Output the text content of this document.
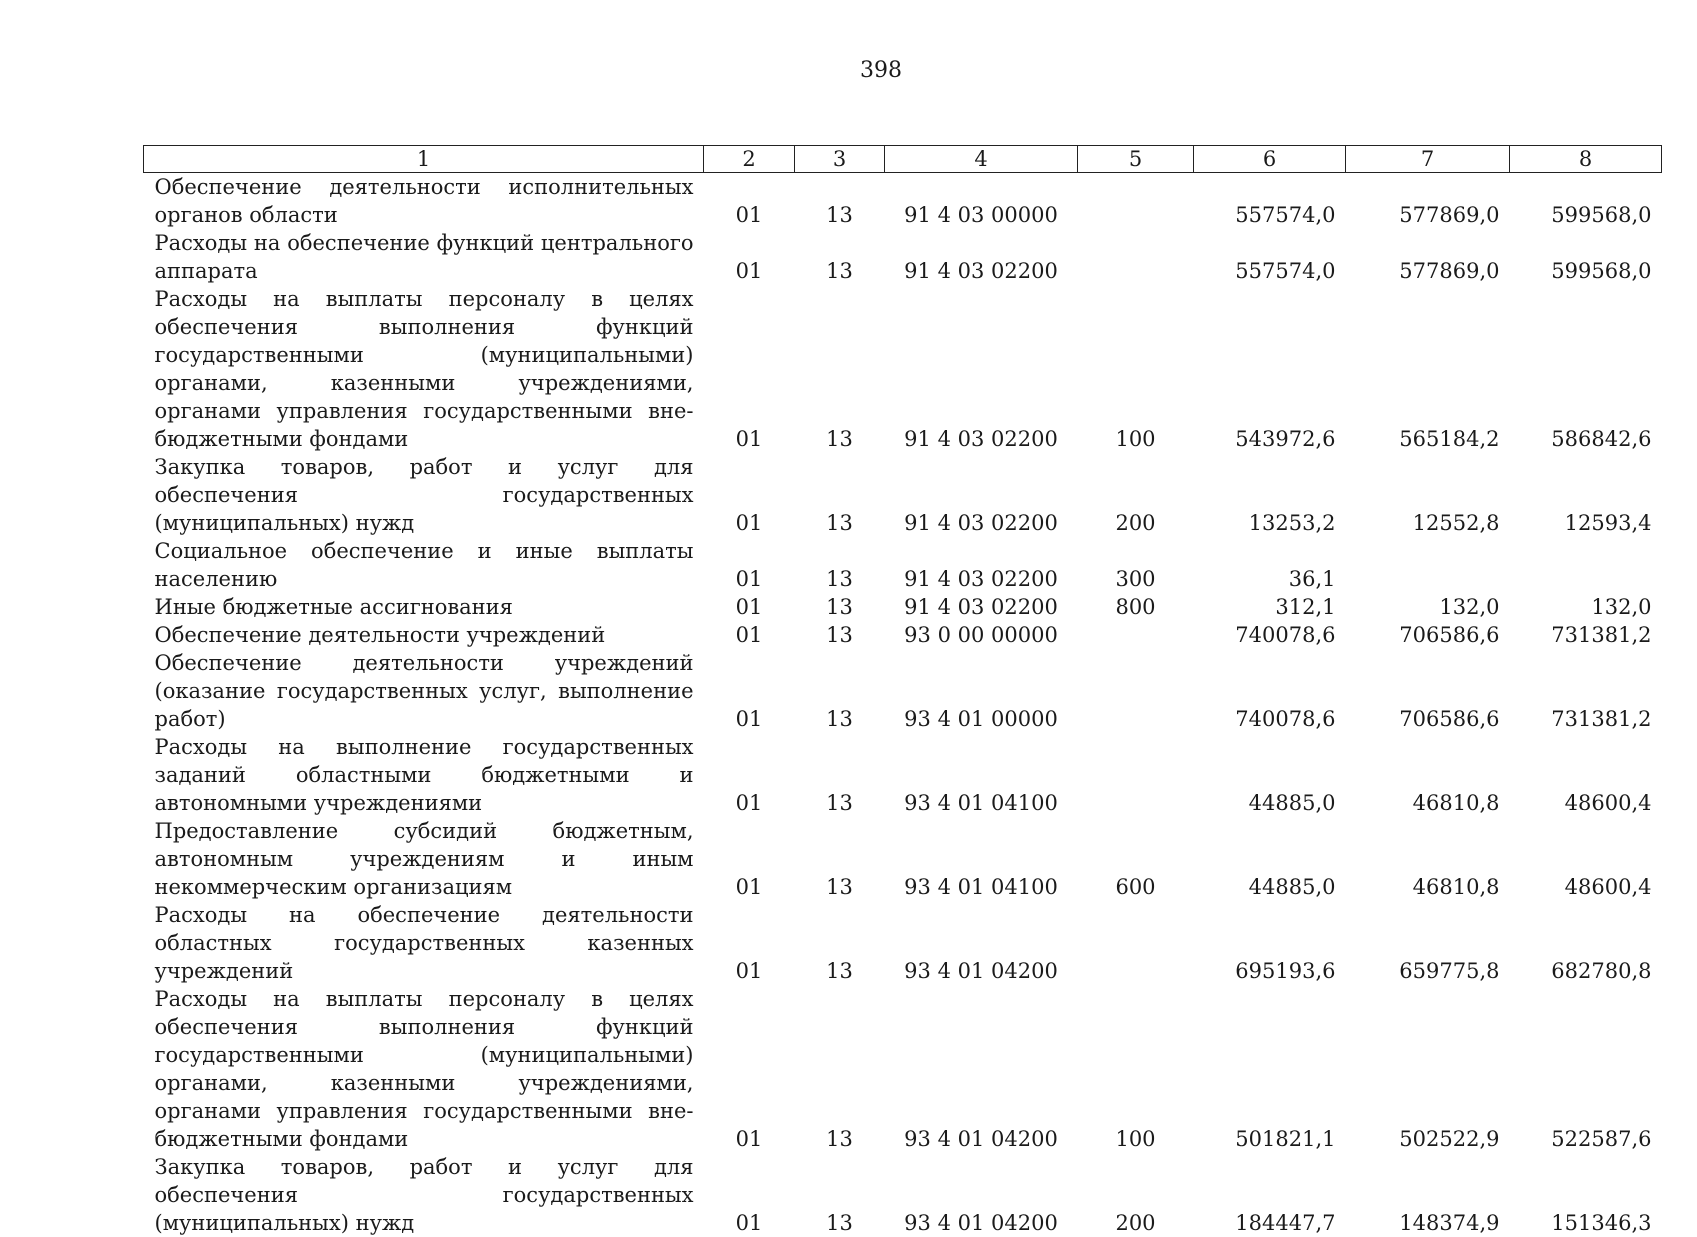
398
1	2	3	4	5	6	7	8
Обеспечение деятельности исполнительных органов области	01	13	91 4 03 00000		557574,0	577869,0	599568,0
Расходы на обеспечение функций центрального аппарата	01	13	91 4 03 02200		557574,0	577869,0	599568,0
Расходы на выплаты персоналу в целях обеспечения выполнения функций государственными (муниципальными) органами, казенными учреждениями, органами управления государственными внебюджетными фондами	01	13	91 4 03 02200	100	543972,6	565184,2	586842,6
Закупка товаров, работ и услуг для обеспечения государственных (муниципальных) нужд	01	13	91 4 03 02200	200	13253,2	12552,8	12593,4
Социальное обеспечение и иные выплаты населению	01	13	91 4 03 02200	300	36,1		
Иные бюджетные ассигнования	01	13	91 4 03 02200	800	312,1	132,0	132,0
Обеспечение деятельности учреждений	01	13	93 0 00 00000		740078,6	706586,6	731381,2
Обеспечение деятельности учреждений (оказание государственных услуг, выполнение работ)	01	13	93 4 01 00000		740078,6	706586,6	731381,2
Расходы на выполнение государственных заданий областными бюджетными и автономными учреждениями	01	13	93 4 01 04100		44885,0	46810,8	48600,4
Предоставление субсидий бюджетным, автономным учреждениям и иным некоммерческим организациям	01	13	93 4 01 04100	600	44885,0	46810,8	48600,4
Расходы на обеспечение деятельности областных государственных казенных учреждений	01	13	93 4 01 04200		695193,6	659775,8	682780,8
Расходы на выплаты персоналу в целях обеспечения выполнения функций государственными (муниципальными) органами, казенными учреждениями, органами управления государственными внебюджетными фондами	01	13	93 4 01 04200	100	501821,1	502522,9	522587,6
Закупка товаров, работ и услуг для обеспечения государственных (муниципальных) нужд	01	13	93 4 01 04200	200	184447,7	148374,9	151346,3
